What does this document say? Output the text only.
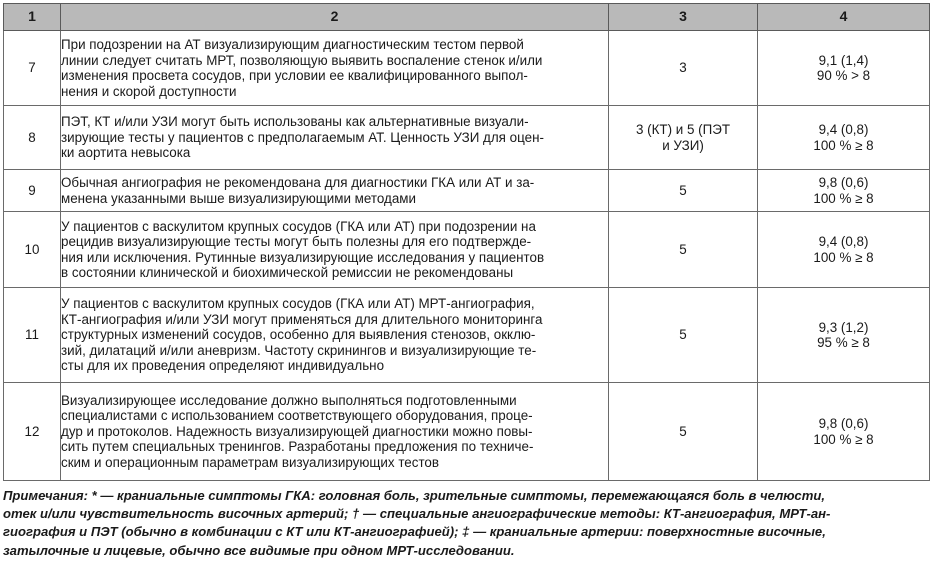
1	2	3	4
7	При подозрении на АТ визуализирующим диагностическим тестом первой
линии следует считать МРТ, позволяющую выявить воспаление стенок и/или
изменения просвета сосудов, при условии ее квалифицированного выпол-
нения и скорой доступности	3	9,1 (1,4)
90 % > 8

8	ПЭТ, КТ и/или УЗИ могут быть использованы как альтернативные визуали-
зирующие тесты у пациентов с предполагаемым АТ. Ценность УЗИ для оцен-
ки аортита невысока	3 (КТ) и 5 (ПЭТ
и УЗИ)	9,4 (0,8)
100 % ≥ 8

9	Обычная ангиография не рекомендована для диагностики ГКА или АТ и за-
менена указанными выше визуализирующими методами	5	9,8 (0,6)
100 % ≥ 8

10	У пациентов с васкулитом крупных сосудов (ГКА или АТ) при подозрении на
рецидив визуализирующие тесты могут быть полезны для его подтвержде-
ния или исключения. Рутинные визуализирующие исследования у пациентов
в состоянии клинической и биохимической ремиссии не рекомендованы	5	9,4 (0,8)
100 % ≥ 8

11	У пациентов с васкулитом крупных сосудов (ГКА или АТ) МРТ-ангиография,
КТ-ангиография и/или УЗИ могут применяться для длительного мониторинга
структурных изменений сосудов, особенно для выявления стенозов, окклю-
зий, дилатаций и/или аневризм. Частоту скринингов и визуализирующие те-
сты для их проведения определяют индивидуально	5	9,3 (1,2)
95 % ≥ 8

12	Визуализирующее исследование должно выполняться подготовленными
специалистами с использованием соответствующего оборудования, проце-
дур и протоколов. Надежность визуализирующей диагностики можно повы-
сить путем специальных тренингов. Разработаны предложения по техниче-
ским и операционным параметрам визуализирующих тестов	5	9,8 (0,6)
100 % ≥ 8
Примечания: * — краниальные симптомы ГКА: головная боль, зрительные симптомы, перемежающаяся боль в челюсти,
отек и/или чувствительность височных артерий; † — специальные ангиографические методы: КТ-ангиография, МРТ-ан-
гиография и ПЭТ (обычно в комбинации с КТ или КТ-ангиографией); ‡ — краниальные артерии: поверхностные височные,
затылочные и лицевые, обычно все видимые при одном МРТ-исследовании.
